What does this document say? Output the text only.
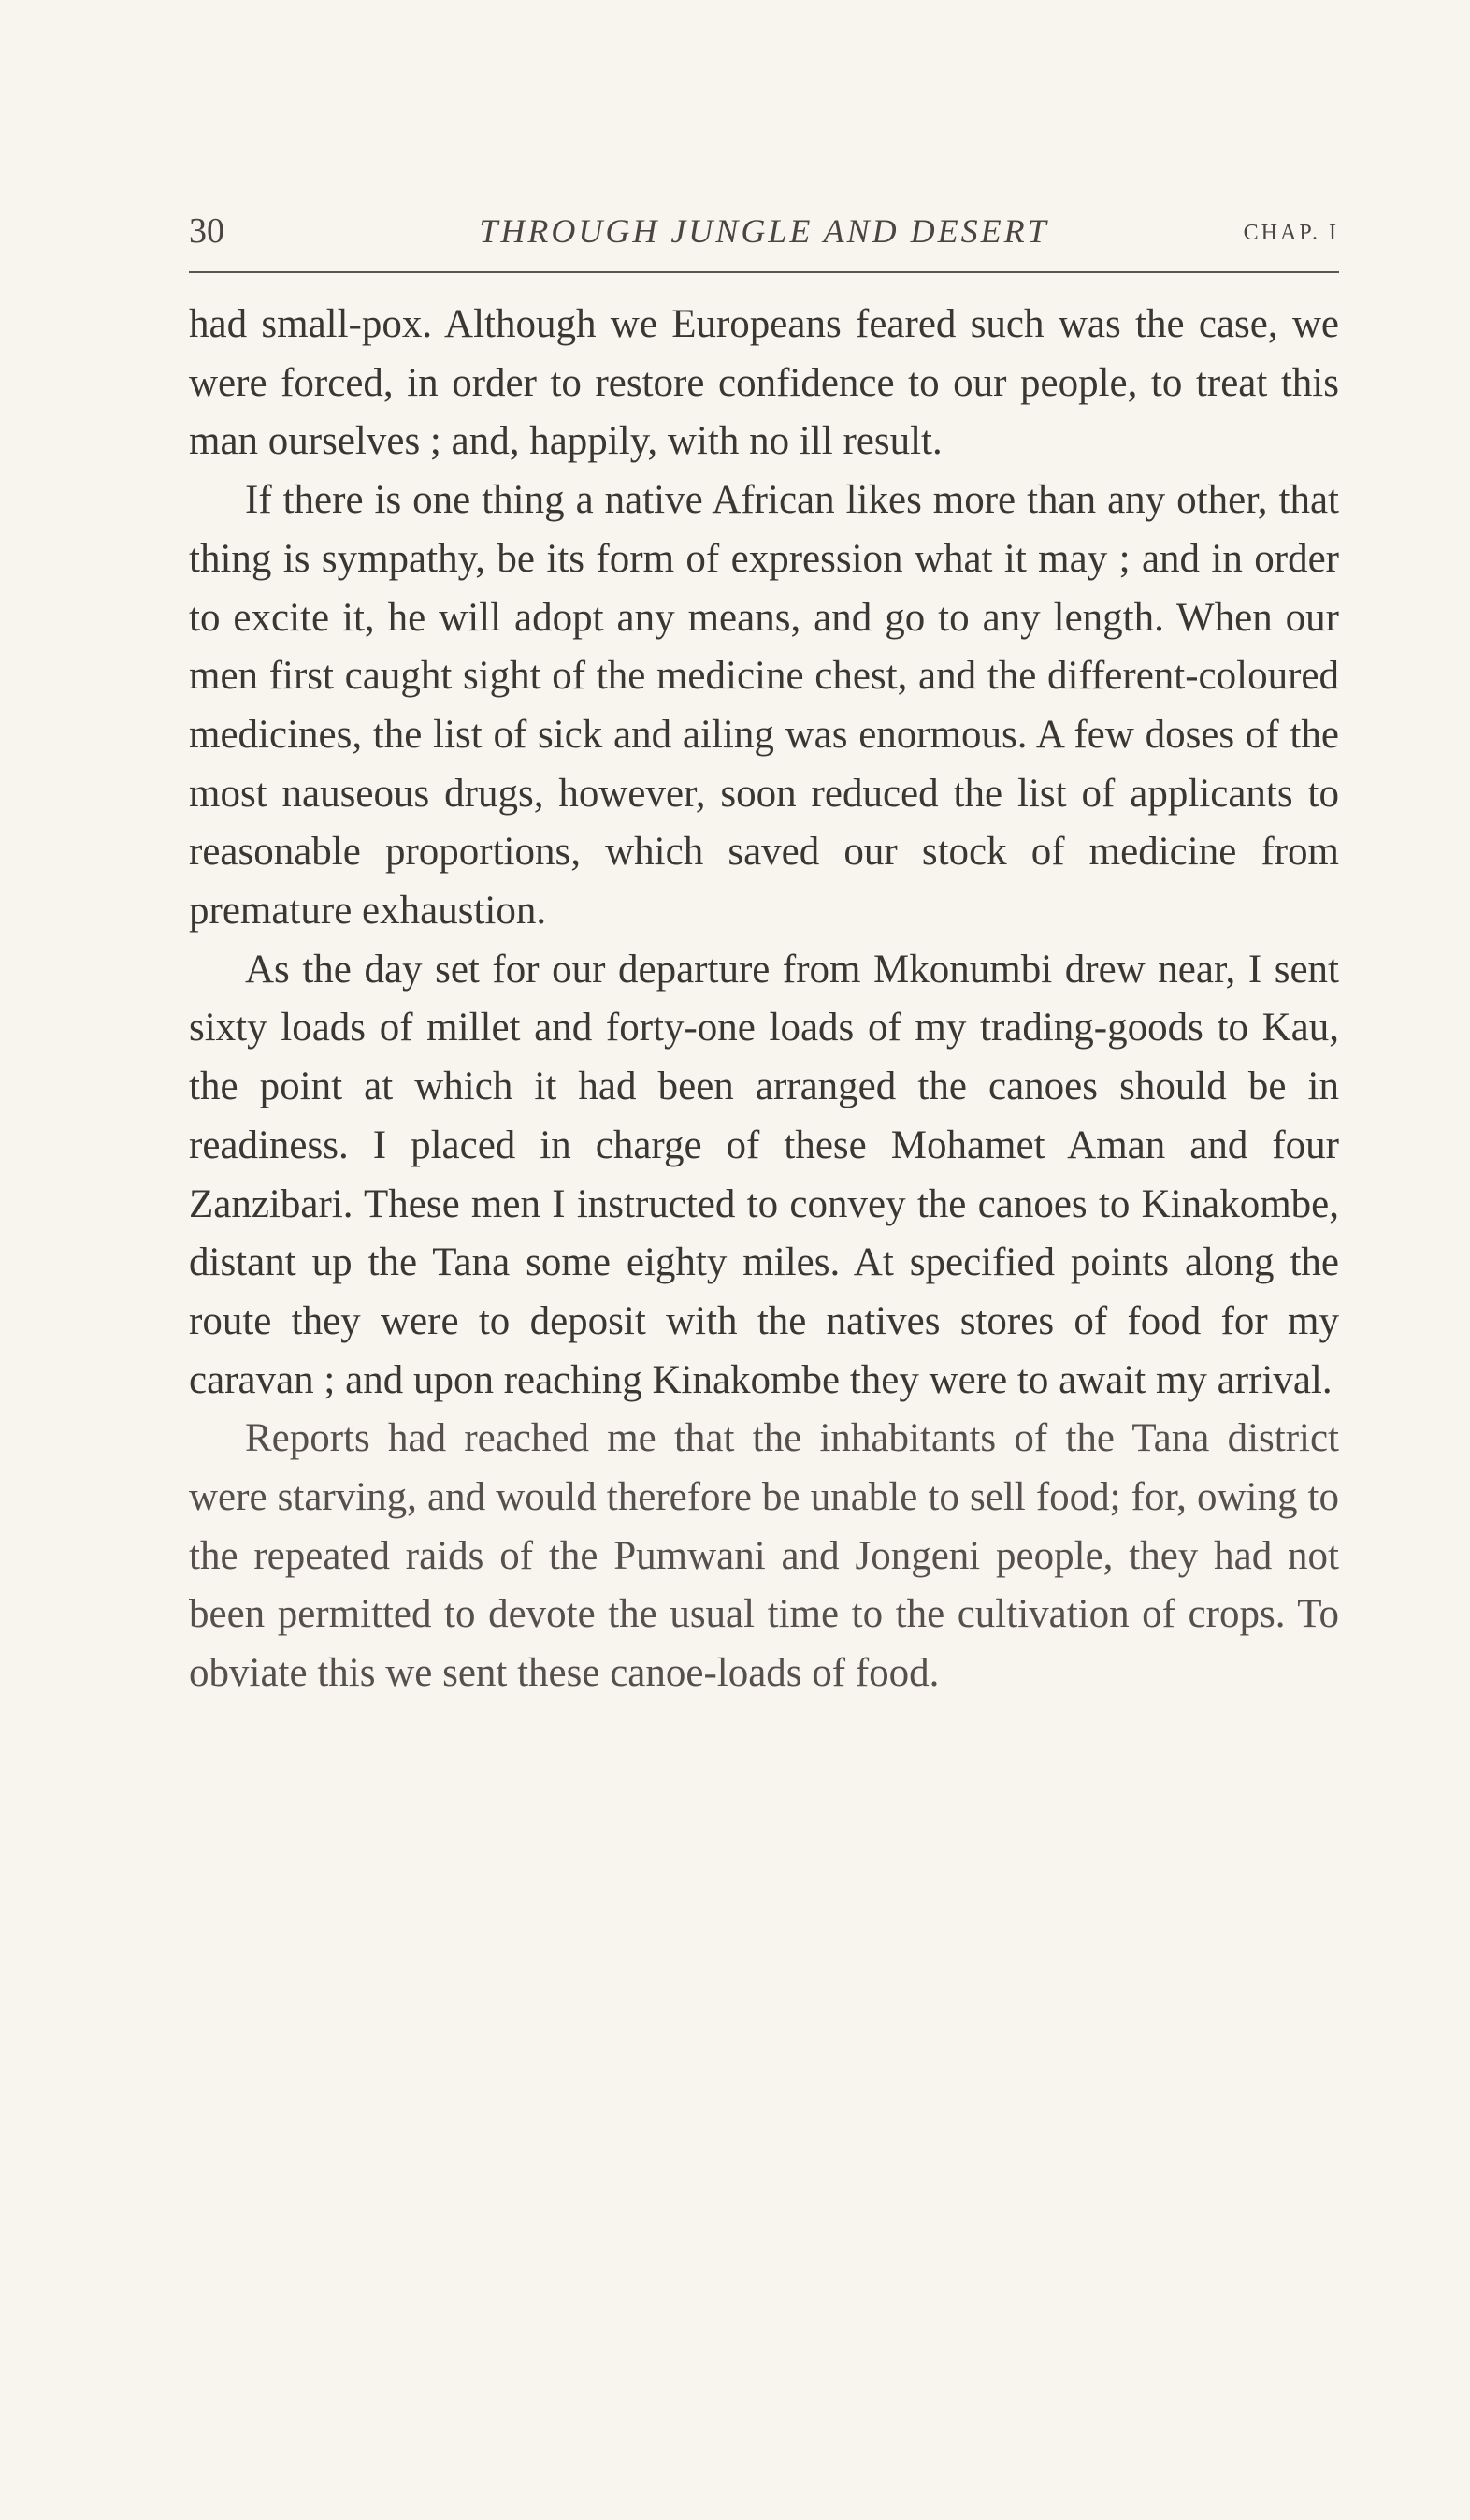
30	THROUGH JUNGLE AND DESERT	CHAP. I

had small-pox. Although we Europeans feared such was the case, we were forced, in order to restore confidence to our people, to treat this man ourselves ; and, happily, with no ill result.

If there is one thing a native African likes more than any other, that thing is sympathy, be its form of expression what it may ; and in order to excite it, he will adopt any means, and go to any length. When our men first caught sight of the medicine chest, and the different-coloured medicines, the list of sick and ailing was enormous. A few doses of the most nauseous drugs, however, soon reduced the list of applicants to reasonable proportions, which saved our stock of medicine from premature exhaustion.

As the day set for our departure from Mkonumbi drew near, I sent sixty loads of millet and forty-one loads of my trading-goods to Kau, the point at which it had been arranged the canoes should be in readiness. I placed in charge of these Mohamet Aman and four Zanzibari. These men I instructed to convey the canoes to Kinakombe, distant up the Tana some eighty miles. At specified points along the route they were to deposit with the natives stores of food for my caravan ; and upon reaching Kinakombe they were to await my arrival.

Reports had reached me that the inhabitants of the Tana district were starving, and would therefore be unable to sell food; for, owing to the repeated raids of the Pumwani and Jongeni people, they had not been permitted to devote the usual time to the cultivation of crops. To obviate this we sent these canoe-loads of food.
